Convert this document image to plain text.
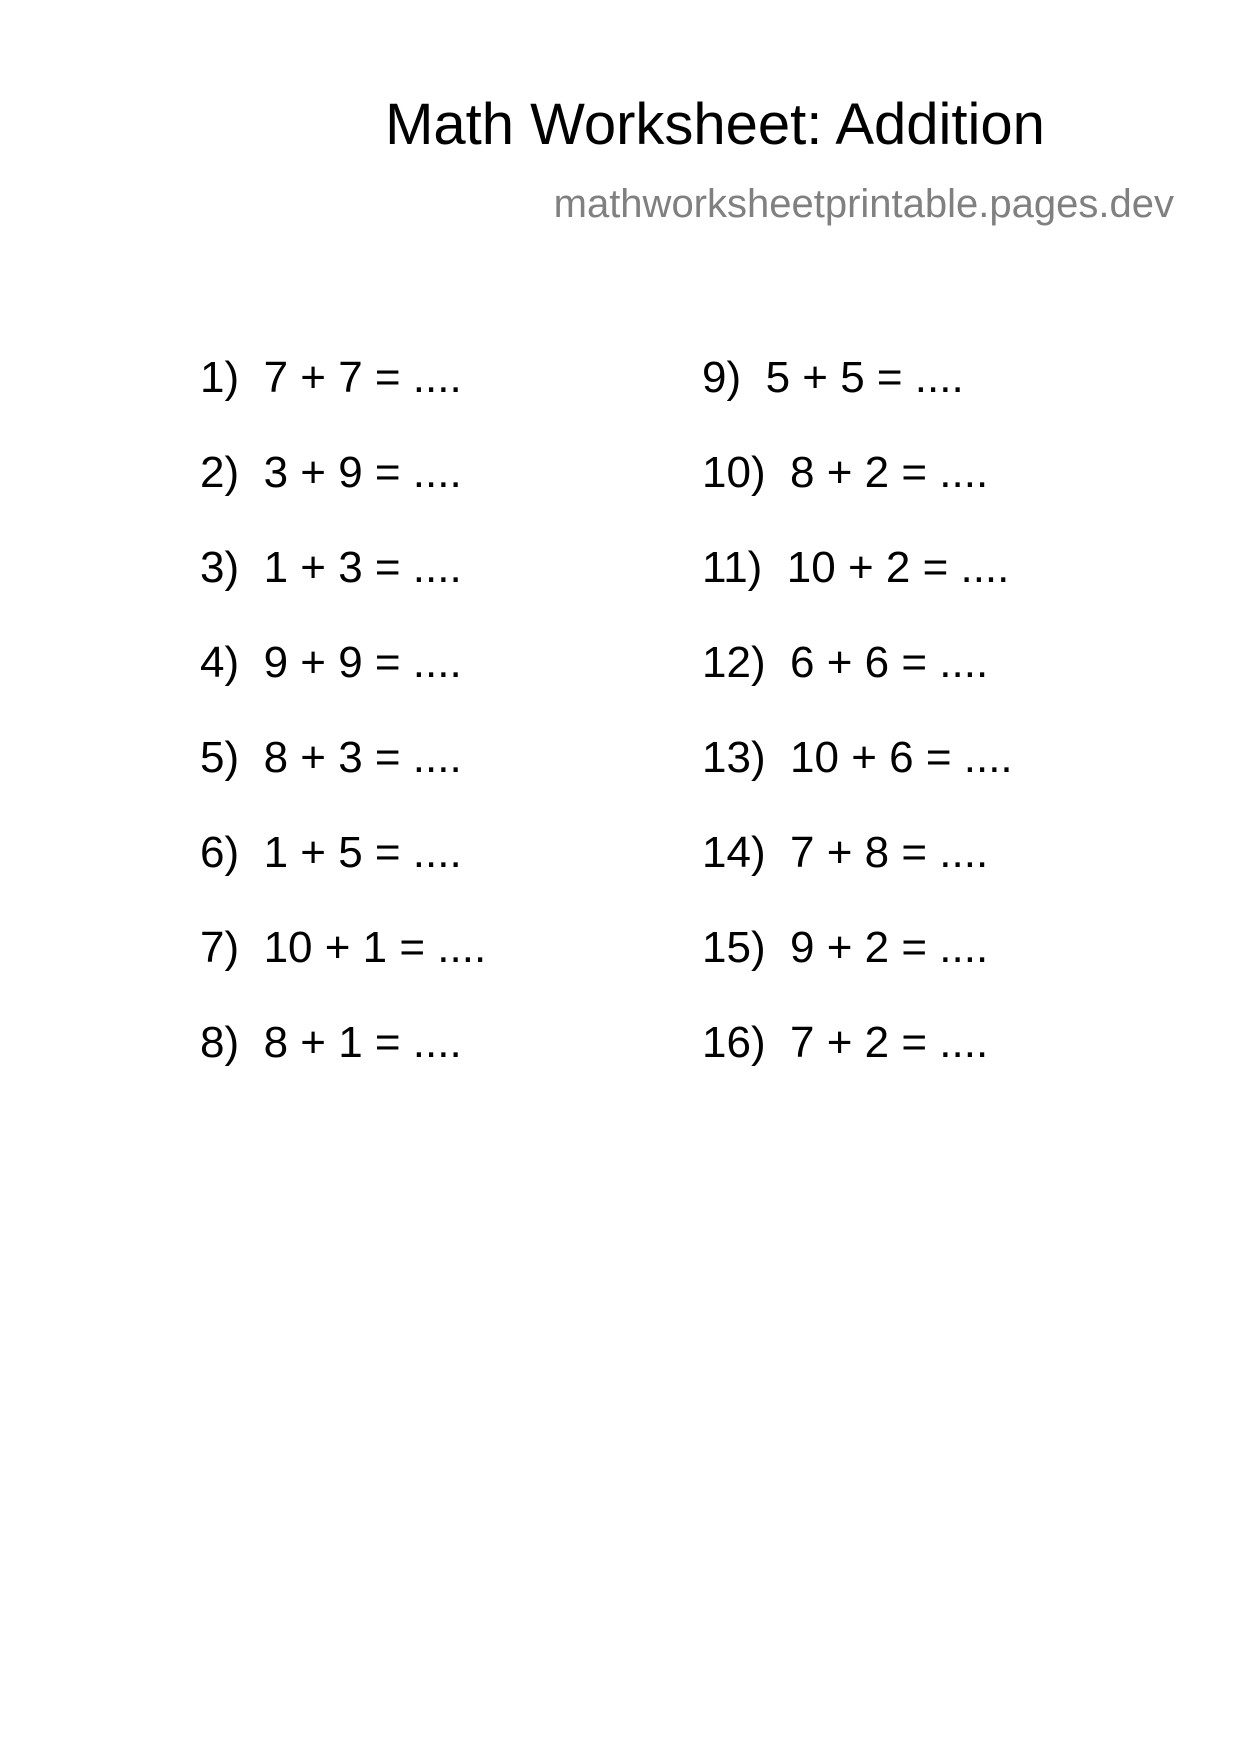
Math Worksheet: Addition
mathworksheetprintable.pages.dev
1) 7 + 7 = ....
2) 3 + 9 = ....
3) 1 + 3 = ....
4) 9 + 9 = ....
5) 8 + 3 = ....
6) 1 + 5 = ....
7) 10 + 1 = ....
8) 8 + 1 = ....
9) 5 + 5 = ....
10) 8 + 2 = ....
11) 10 + 2 = ....
12) 6 + 6 = ....
13) 10 + 6 = ....
14) 7 + 8 = ....
15) 9 + 2 = ....
16) 7 + 2 = ....
